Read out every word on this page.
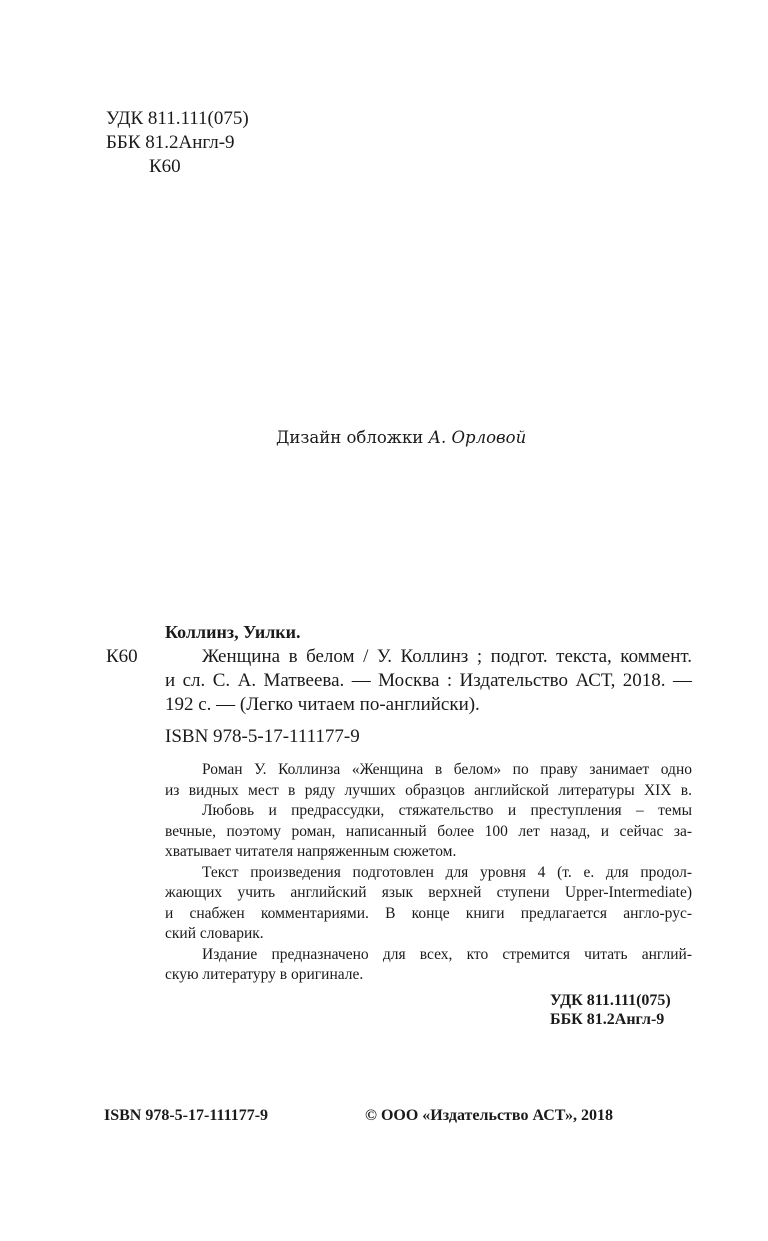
УДК 811.111(075)
ББК 81.2Англ-9
К60
Дизайн обложки А. Орловой
Коллинз, Уилки.
К60	Женщина в белом / У. Коллинз ; подгот. текста, коммент.
и сл. С. А. Матвеева. — Москва : Издательство АСТ, 2018. —
192 с. — (Легко читаем по-английски).
ISBN 978-5-17-111177-9
Роман У. Коллинза «Женщина в белом» по праву занимает одно
из видных мест в ряду лучших образцов английской литературы XIX в.
Любовь и предрассудки, стяжательство и преступления – темы
вечные, поэтому роман, написанный более 100 лет назад, и сейчас за-
хватывает читателя напряженным сюжетом.
Текст произведения подготовлен для уровня 4 (т. е. для продол-
жающих учить английский язык верхней ступени Upper-Intermediate)
и снабжен комментариями. В конце книги предлагается англо-рус-
ский словарик.
Издание предназначено для всех, кто стремится читать англий-
скую литературу в оригинале.
УДК 811.111(075)
ББК 81.2Англ-9
ISBN 978-5-17-111177-9	© ООО «Издательство АСТ», 2018
